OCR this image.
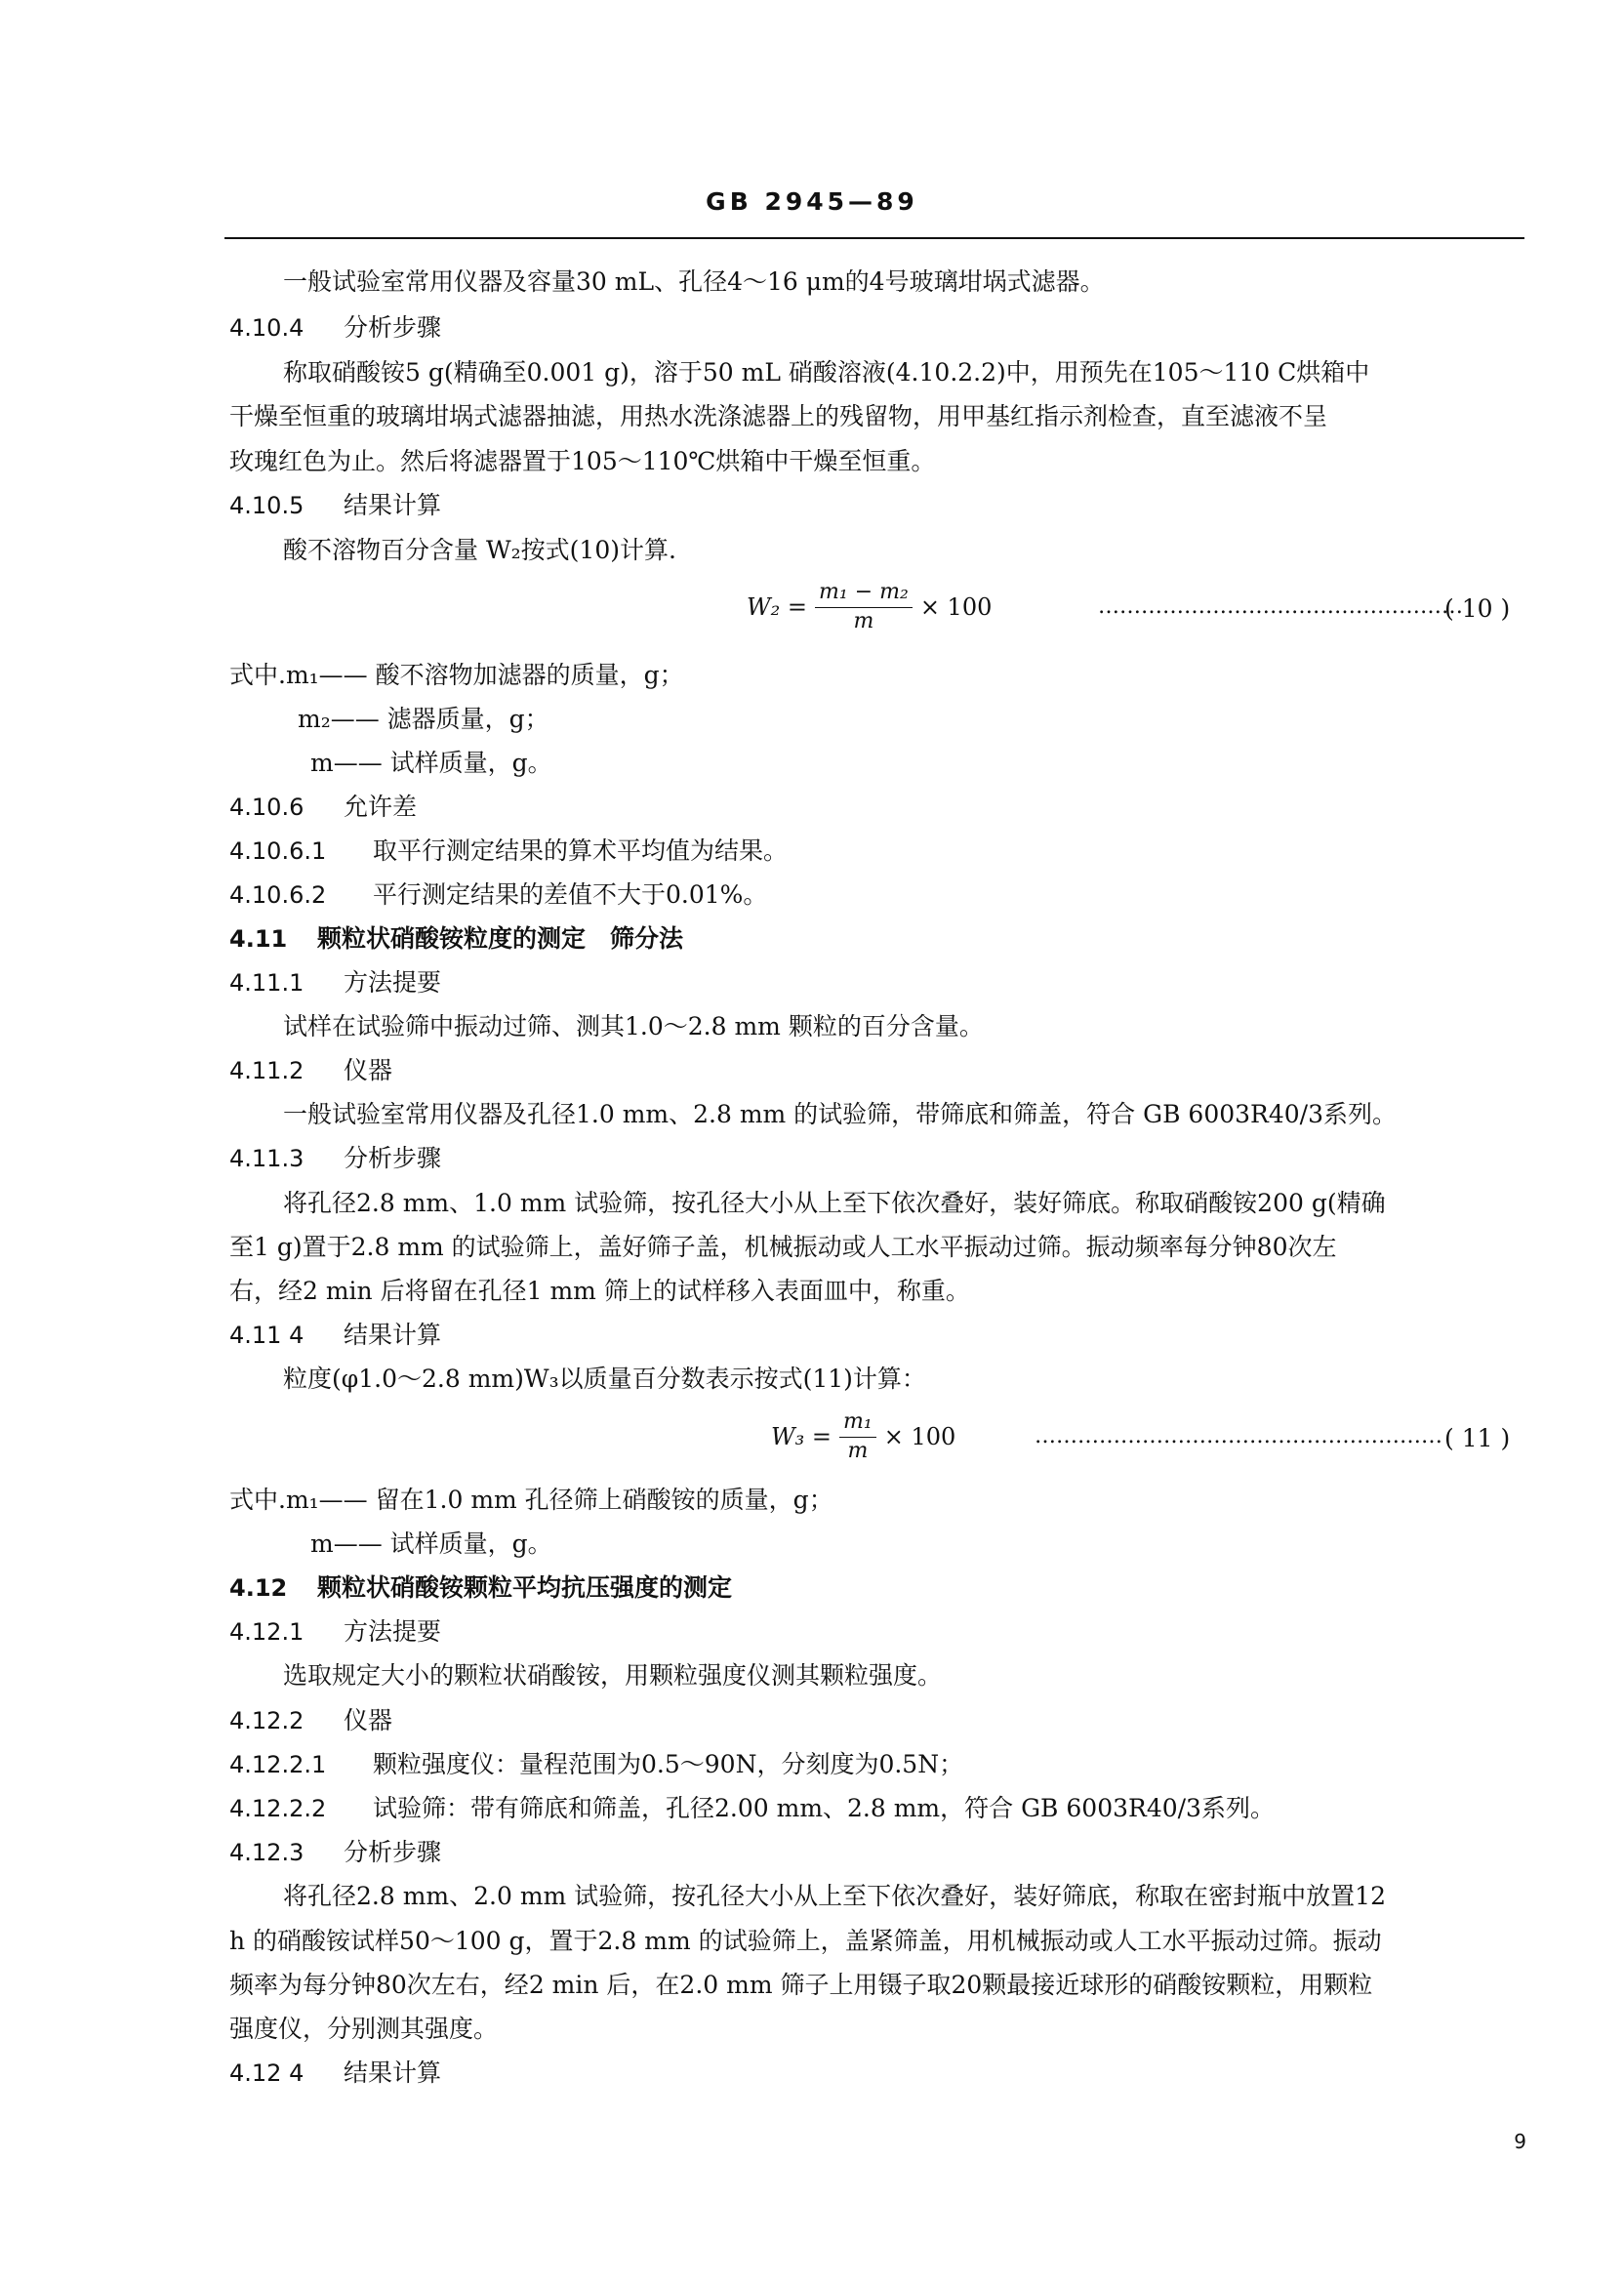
GB 2945—89
一般试验室常用仪器及容量30 mL、孔径4～16 μm的4号玻璃坩埚式滤器。
4.10.4 分析步骤
称取硝酸铵5 g(精确至0.001 g)，溶于50 mL 硝酸溶液(4.10.2.2)中，用预先在105～110 C烘箱中
干燥至恒重的玻璃坩埚式滤器抽滤，用热水洗涤滤器上的残留物，用甲基红指示剂检查，直至滤液不呈
玫瑰红色为止。然后将滤器置于105～110℃烘箱中干燥至恒重。
4.10.5 结果计算
酸不溶物百分含量 W₂按式(10)计算.
$W_2 = \frac{\text{m₁ − m₂}}{m} \times 100$	……………………………………………
( 10 )
式中.m₁—— 酸不溶物加滤器的质量，g；
m₂—— 滤器质量，g；
m—— 试样质量，g。
4.10.6 允许差
4.10.6.1 取平行测定结果的算术平均值为结果。
4.10.6.2 平行测定结果的差值不大于0.01%。
4.11 颗粒状硝酸铵粒度的测定　筛分法
4.11.1 方法提要
试样在试验筛中振动过筛、测其1.0～2.8 mm 颗粒的百分含量。
4.11.2 仪器
一般试验室常用仪器及孔径1.0 mm、2.8 mm 的试验筛，带筛底和筛盖，符合 GB 6003R40/3系列。
4.11.3 分析步骤
将孔径2.8 mm、1.0 mm 试验筛，按孔径大小从上至下依次叠好，装好筛底。称取硝酸铵200 g(精确
至1 g)置于2.8 mm 的试验筛上，盖好筛子盖，机械振动或人工水平振动过筛。振动频率每分钟80次左
右，经2 min 后将留在孔径1 mm 筛上的试样移入表面皿中，称重。
4.11 4 结果计算
粒度(φ1.0～2.8 mm)W₃以质量百分数表示按式(11)计算：
$W_3 = \frac{\text{m₁}}{m} \times 100$	………………………………………………… ( 11 )
式中.m₁—— 留在1.0 mm 孔径筛上硝酸铵的质量，g；
m—— 试样质量，g。
4.12 颗粒状硝酸铵颗粒平均抗压强度的测定
4.12.1 方法提要
选取规定大小的颗粒状硝酸铵，用颗粒强度仪测其颗粒强度。
4.12.2 仪器
4.12.2.1 颗粒强度仪：量程范围为0.5～90N，分刻度为0.5N；
4.12.2.2 试验筛：带有筛底和筛盖，孔径2.00 mm、2.8 mm，符合 GB 6003R40/3系列。
4.12.3 分析步骤
将孔径2.8 mm、2.0 mm 试验筛，按孔径大小从上至下依次叠好，装好筛底，称取在密封瓶中放置12
h 的硝酸铵试样50～100 g，置于2.8 mm 的试验筛上，盖紧筛盖，用机械振动或人工水平振动过筛。振动
频率为每分钟80次左右，经2 min 后，在2.0 mm 筛子上用镊子取20颗最接近球形的硝酸铵颗粒，用颗粒
强度仪，分别测其强度。
4.12 4 结果计算
9
